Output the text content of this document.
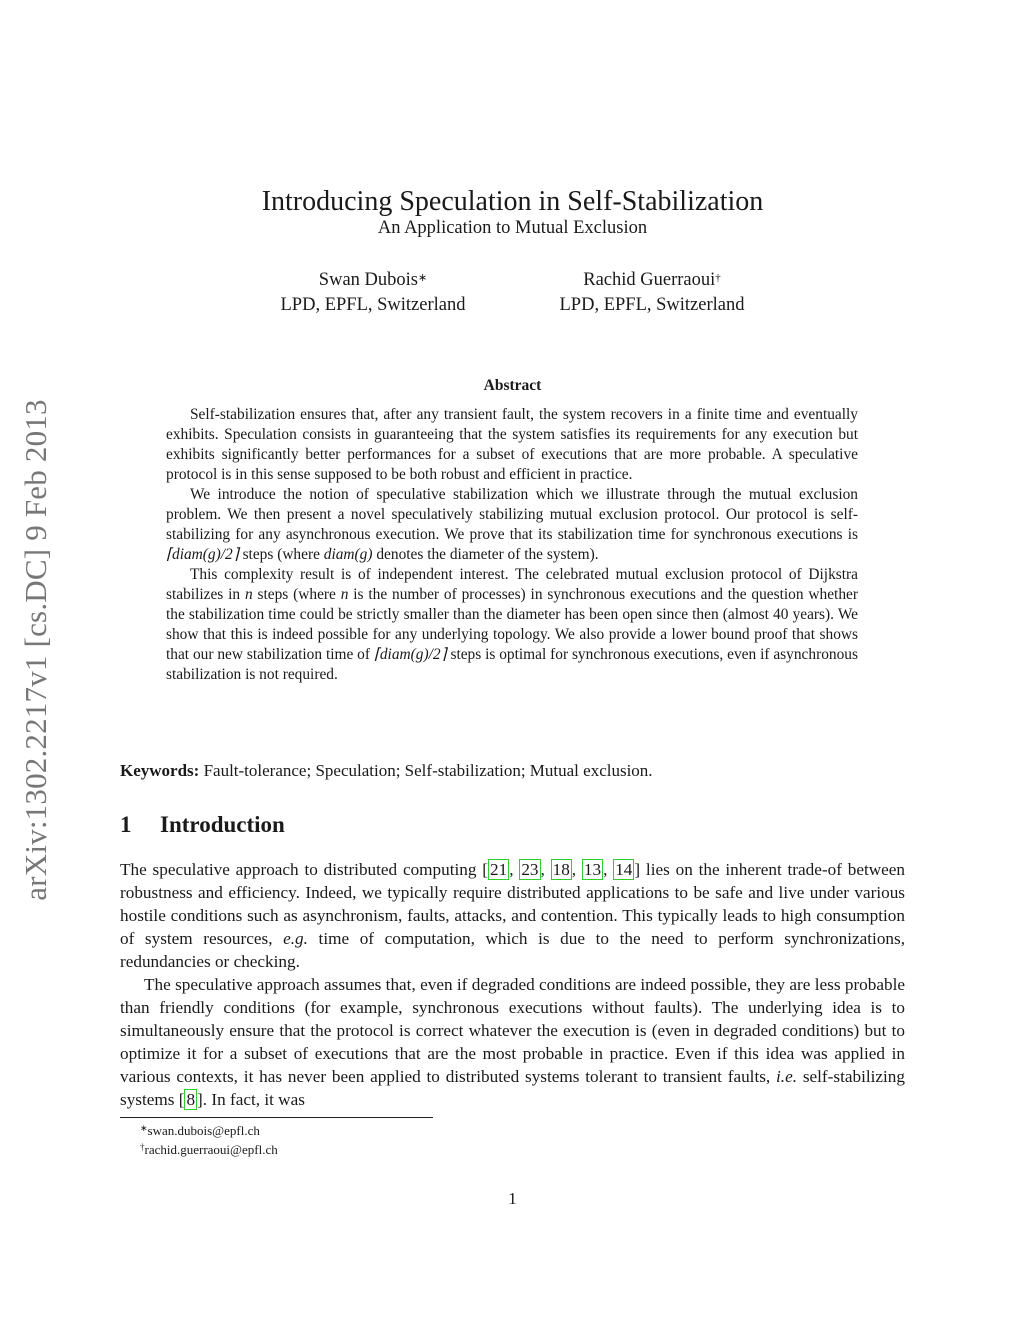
arXiv:1302.2217v1 [cs.DC] 9 Feb 2013
Introducing Speculation in Self-Stabilization
An Application to Mutual Exclusion
Swan Dubois∗
LPD, EPFL, Switzerland
Rachid Guerraoui†
LPD, EPFL, Switzerland
Abstract

Self-stabilization ensures that, after any transient fault, the system recovers in a finite time and eventually exhibits. Speculation consists in guaranteeing that the system satisfies its requirements for any execution but exhibits significantly better performances for a subset of executions that are more probable. A speculative protocol is in this sense supposed to be both robust and efficient in practice.

We introduce the notion of speculative stabilization which we illustrate through the mutual exclusion problem. We then present a novel speculatively stabilizing mutual exclusion protocol. Our protocol is self-stabilizing for any asynchronous execution. We prove that its stabilization time for synchronous executions is ⌈diam(g)/2⌉ steps (where diam(g) denotes the diameter of the system).

This complexity result is of independent interest. The celebrated mutual exclusion protocol of Dijkstra stabilizes in n steps (where n is the number of processes) in synchronous executions and the question whether the stabilization time could be strictly smaller than the diameter has been open since then (almost 40 years). We show that this is indeed possible for any underlying topology. We also provide a lower bound proof that shows that our new stabilization time of ⌈diam(g)/2⌉ steps is optimal for synchronous executions, even if asynchronous stabilization is not required.

Keywords: Fault-tolerance; Speculation; Self-stabilization; Mutual exclusion.
1 Introduction

The speculative approach to distributed computing [ 21 , 23 , 18 , 13 , 14 ] lies on the inherent trade-of between robustness and efficiency. Indeed, we typically require distributed applications to be safe and live under various hostile conditions such as asynchronism, faults, attacks, and contention. This typically leads to high consumption of system resources, e.g. time of computation, which is due to the need to perform synchronizations, redundancies or checking.

The speculative approach assumes that, even if degraded conditions are indeed possible, they are less probable than friendly conditions (for example, synchronous executions without faults). The underlying idea is to simultaneously ensure that the protocol is correct whatever the execution is (even in degraded conditions) but to optimize it for a subset of executions that are the most probable in practice. Even if this idea was applied in various contexts, it has never been applied to distributed systems tolerant to transient faults, i.e. self-stabilizing systems [ 8 ]. In fact, it was

∗swan.dubois@epfl.ch
†rachid.guerraoui@epfl.ch
1
